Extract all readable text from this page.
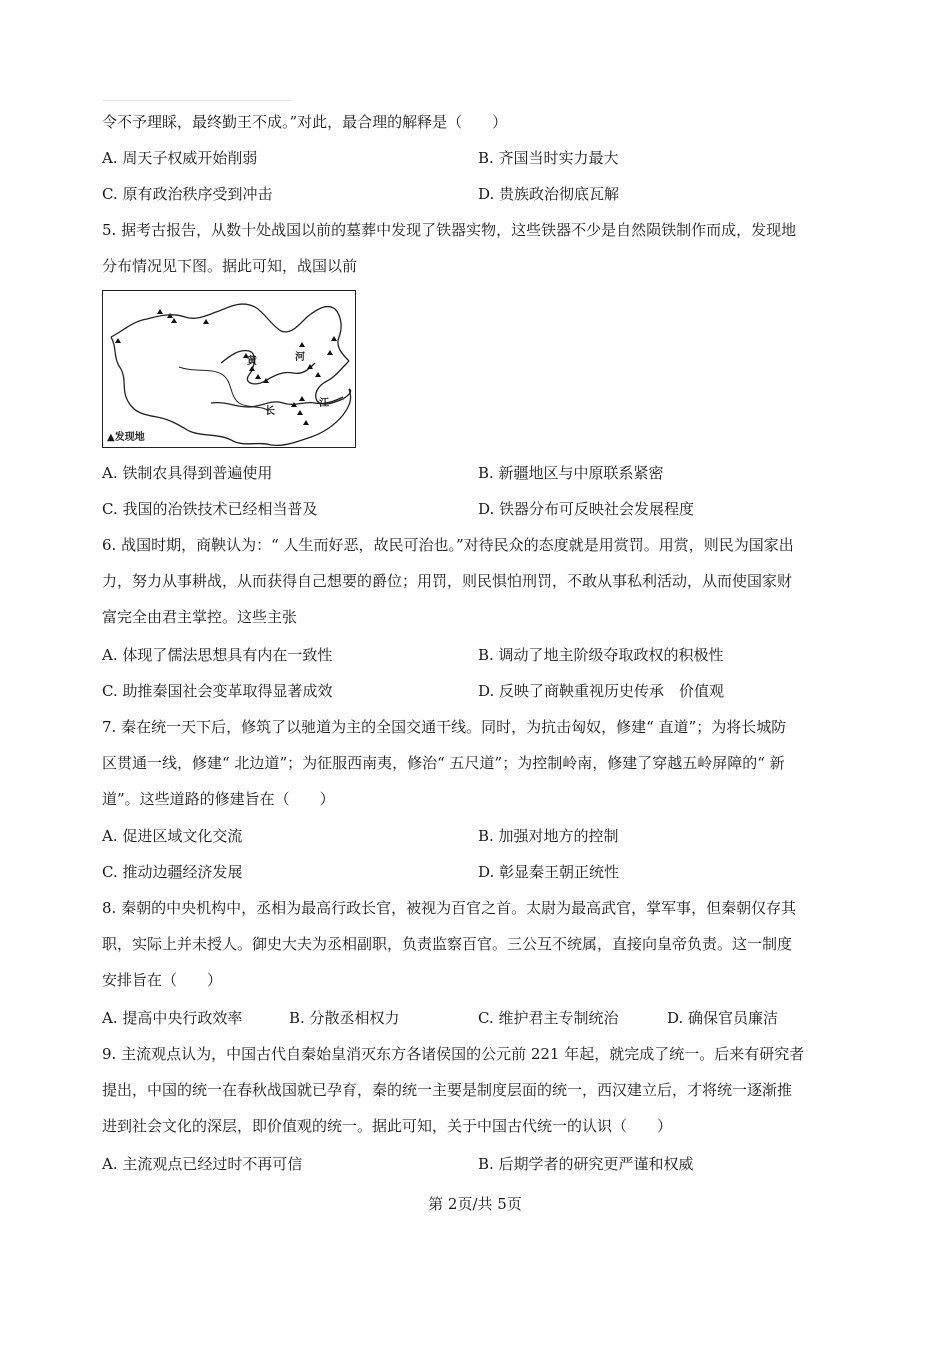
令不予理睬，最终勤王不成。”对此，最合理的解释是（　　）
A. 周天子权威开始削弱	B. 齐国当时实力最大
C. 原有政治秩序受到冲击	D. 贵族政治彻底瓦解
5. 据考古报告，从数十处战国以前的墓葬中发现了铁器实物，这些铁器不少是自然陨铁制作而成，发现地
分布情况见下图。据此可知，战国以前
黄	河
长
江
▲发现地
A. 铁制农具得到普遍使用	B. 新疆地区与中原联系紧密
C. 我国的冶铁技术已经相当普及	D. 铁器分布可反映社会发展程度
6. 战国时期，商鞅认为：“ 人生而好恶，故民可治也。”对待民众的态度就是用赏罚。用赏，则民为国家出
力，努力从事耕战，从而获得自己想要的爵位；用罚，则民惧怕刑罚，不敢从事私利活动，从而使国家财
富完全由君主掌控。这些主张
A. 体现了儒法思想具有内在一致性	B. 调动了地主阶级夺取政权的积极性
C. 助推秦国社会变革取得显著成效	D. 反映了商鞅重视历史传承　价值观
7. 秦在统一天下后，修筑了以驰道为主的全国交通干线。同时，为抗击匈奴，修建“ 直道”；为将长城防
区贯通一线，修建“ 北边道”；为征服西南夷，修治“ 五尺道”；为控制岭南，修建了穿越五岭屏障的“ 新
道”。这些道路的修建旨在（　　）
A. 促进区域文化交流	B. 加强对地方的控制
C. 推动边疆经济发展	D. 彰显秦王朝正统性
8. 秦朝的中央机构中，丞相为最高行政长官，被视为百官之首。太尉为最高武官，掌军事，但秦朝仅存其
职，实际上并未授人。御史大夫为丞相副职，负责监察百官。三公互不统属，直接向皇帝负责。这一制度
安排旨在（　　）
A. 提高中央行政效率	B. 分散丞相权力	C. 维护君主专制统治	D. 确保官员廉洁
9. 主流观点认为，中国古代自秦始皇消灭东方各诸侯国的公元前 221 年起，就完成了统一。后来有研究者
提出，中国的统一在春秋战国就已孕育，秦的统一主要是制度层面的统一，西汉建立后，才将统一逐渐推
进到社会文化的深层，即价值观的统一。据此可知，关于中国古代统一的认识（　　）
A. 主流观点已经过时不再可信	B. 后期学者的研究更严谨和权威
第 2页/共 5页
